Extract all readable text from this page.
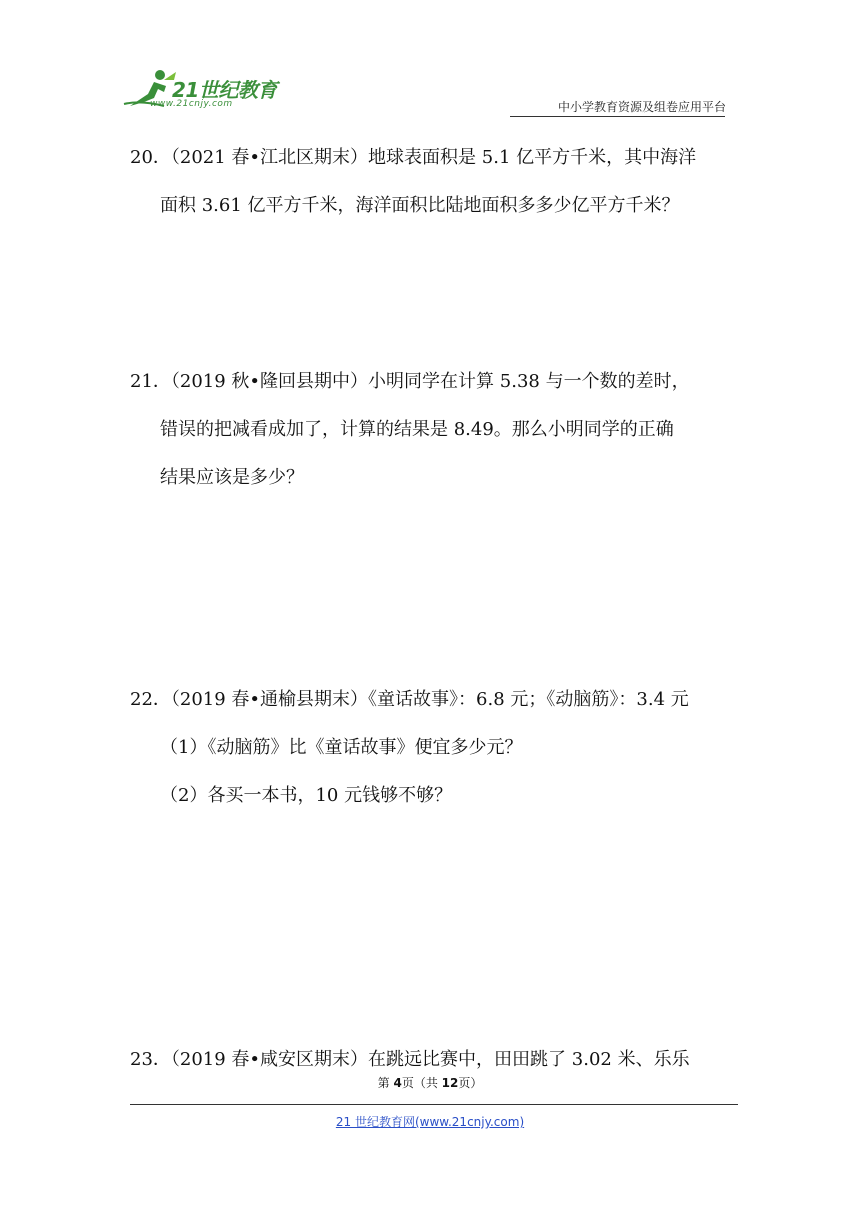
21世纪教育
www.21cnjy.com	中小学教育资源及组卷应用平台
20．（2021 春•江北区期末）地球表面积是 5.1 亿平方千米，其中海洋
面积 3.61 亿平方千米，海洋面积比陆地面积多多少亿平方千米？
21．（2019 秋•隆回县期中）小明同学在计算 5.38 与一个数的差时，
错误的把减看成加了，计算的结果是 8.49。那么小明同学的正确
结果应该是多少？
22．（2019 春•通榆县期末）《童话故事》：6.8 元；《动脑筋》：3.4 元
（1）《动脑筋》比《童话故事》便宜多少元？
（2）各买一本书，10 元钱够不够？
23．（2019 春•咸安区期末）在跳远比赛中，田田跳了 3.02 米、乐乐
第 4页（共 12页）
21 世纪教育网(www.21cnjy.com)
